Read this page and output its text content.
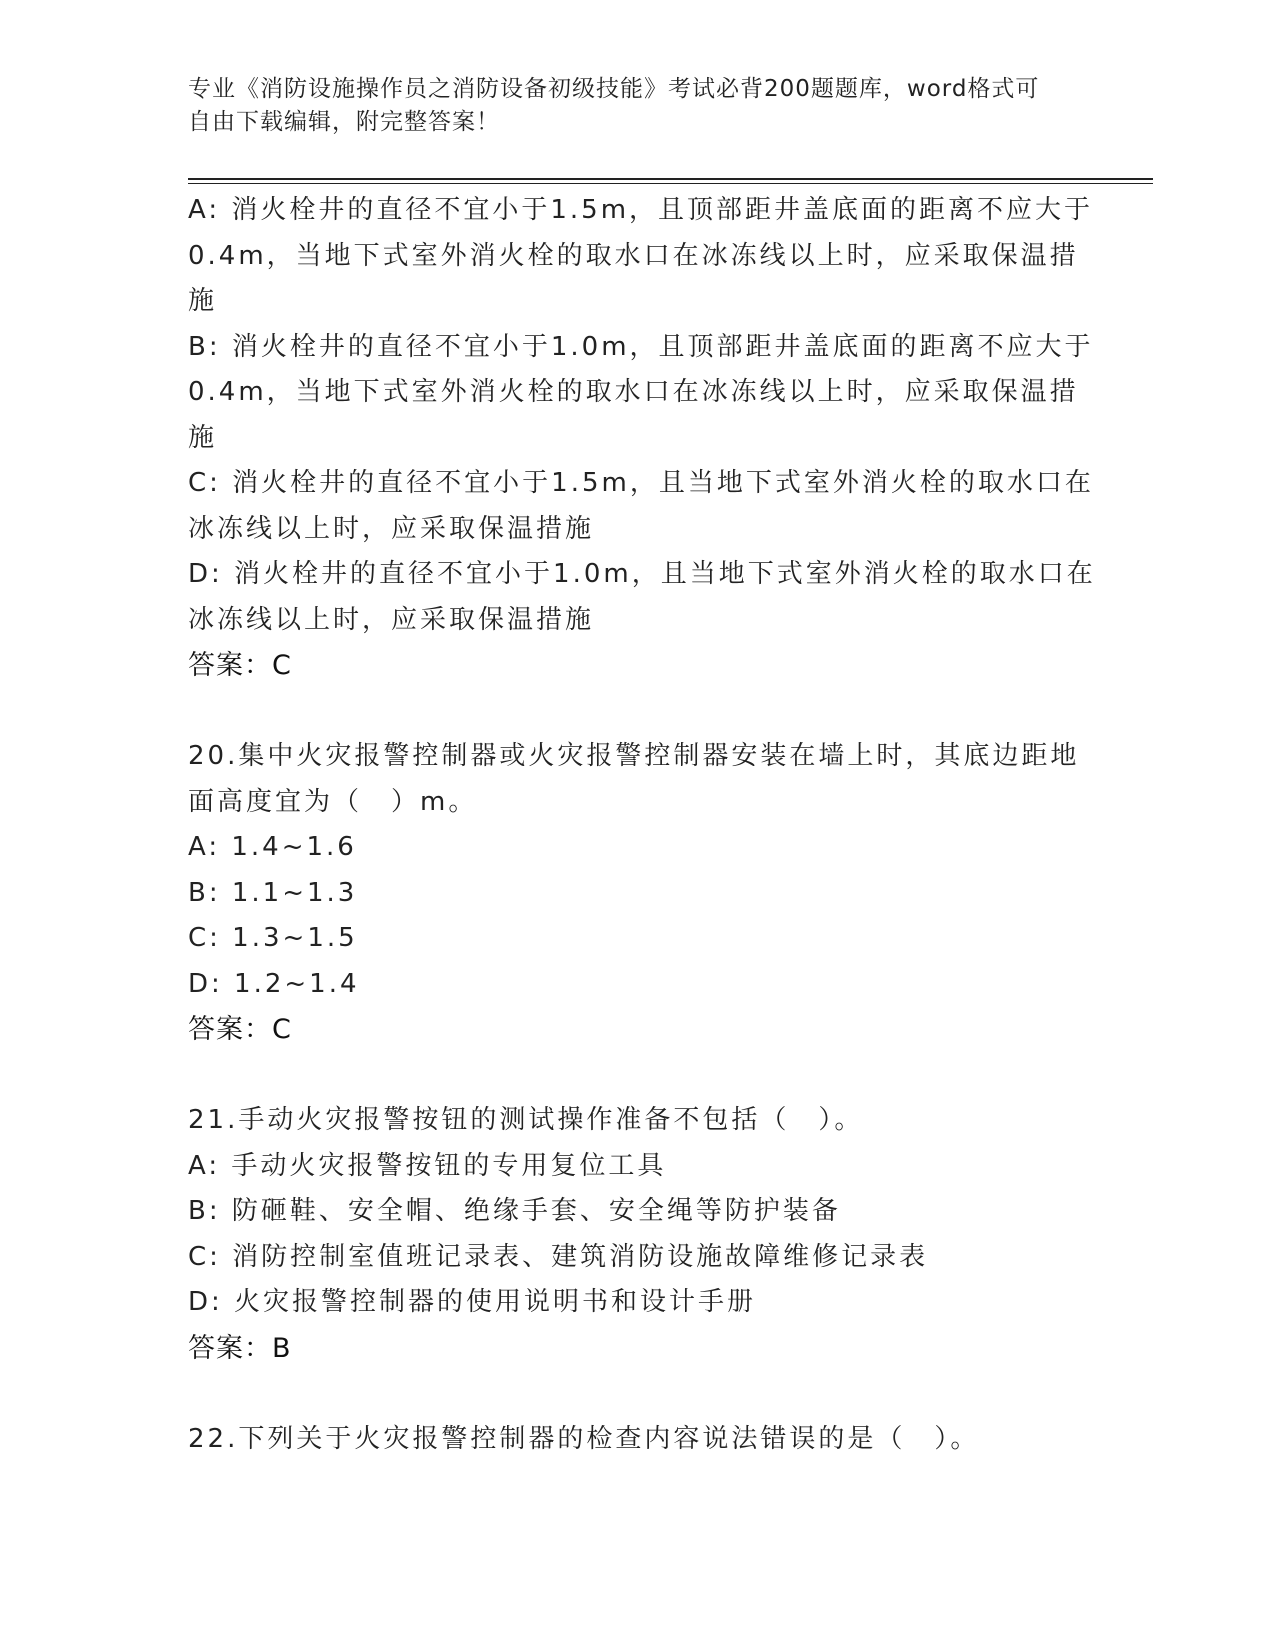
专业《消防设施操作员之消防设备初级技能》考试必背200题题库，word格式可
自由下载编辑，附完整答案！
A: 消火栓井的直径不宜小于1.5m，且顶部距井盖底面的距离不应大于
0.4m，当地下式室外消火栓的取水口在冰冻线以上时，应采取保温措
施
B: 消火栓井的直径不宜小于1.0m，且顶部距井盖底面的距离不应大于
0.4m，当地下式室外消火栓的取水口在冰冻线以上时，应采取保温措
施
C: 消火栓井的直径不宜小于1.5m，且当地下式室外消火栓的取水口在
冰冻线以上时，应采取保温措施
D: 消火栓井的直径不宜小于1.0m，且当地下式室外消火栓的取水口在
冰冻线以上时，应采取保温措施
答案：C
20.集中火灾报警控制器或火灾报警控制器安装在墙上时，其底边距地
面高度宜为（　）m。
A: 1.4~1.6
B: 1.1~1.3
C: 1.3~1.5
D: 1.2~1.4
答案：C
21.手动火灾报警按钮的测试操作准备不包括（　）。
A: 手动火灾报警按钮的专用复位工具
B: 防砸鞋、安全帽、绝缘手套、安全绳等防护装备
C: 消防控制室值班记录表、建筑消防设施故障维修记录表
D: 火灾报警控制器的使用说明书和设计手册
答案：B
22.下列关于火灾报警控制器的检查内容说法错误的是（　）。
